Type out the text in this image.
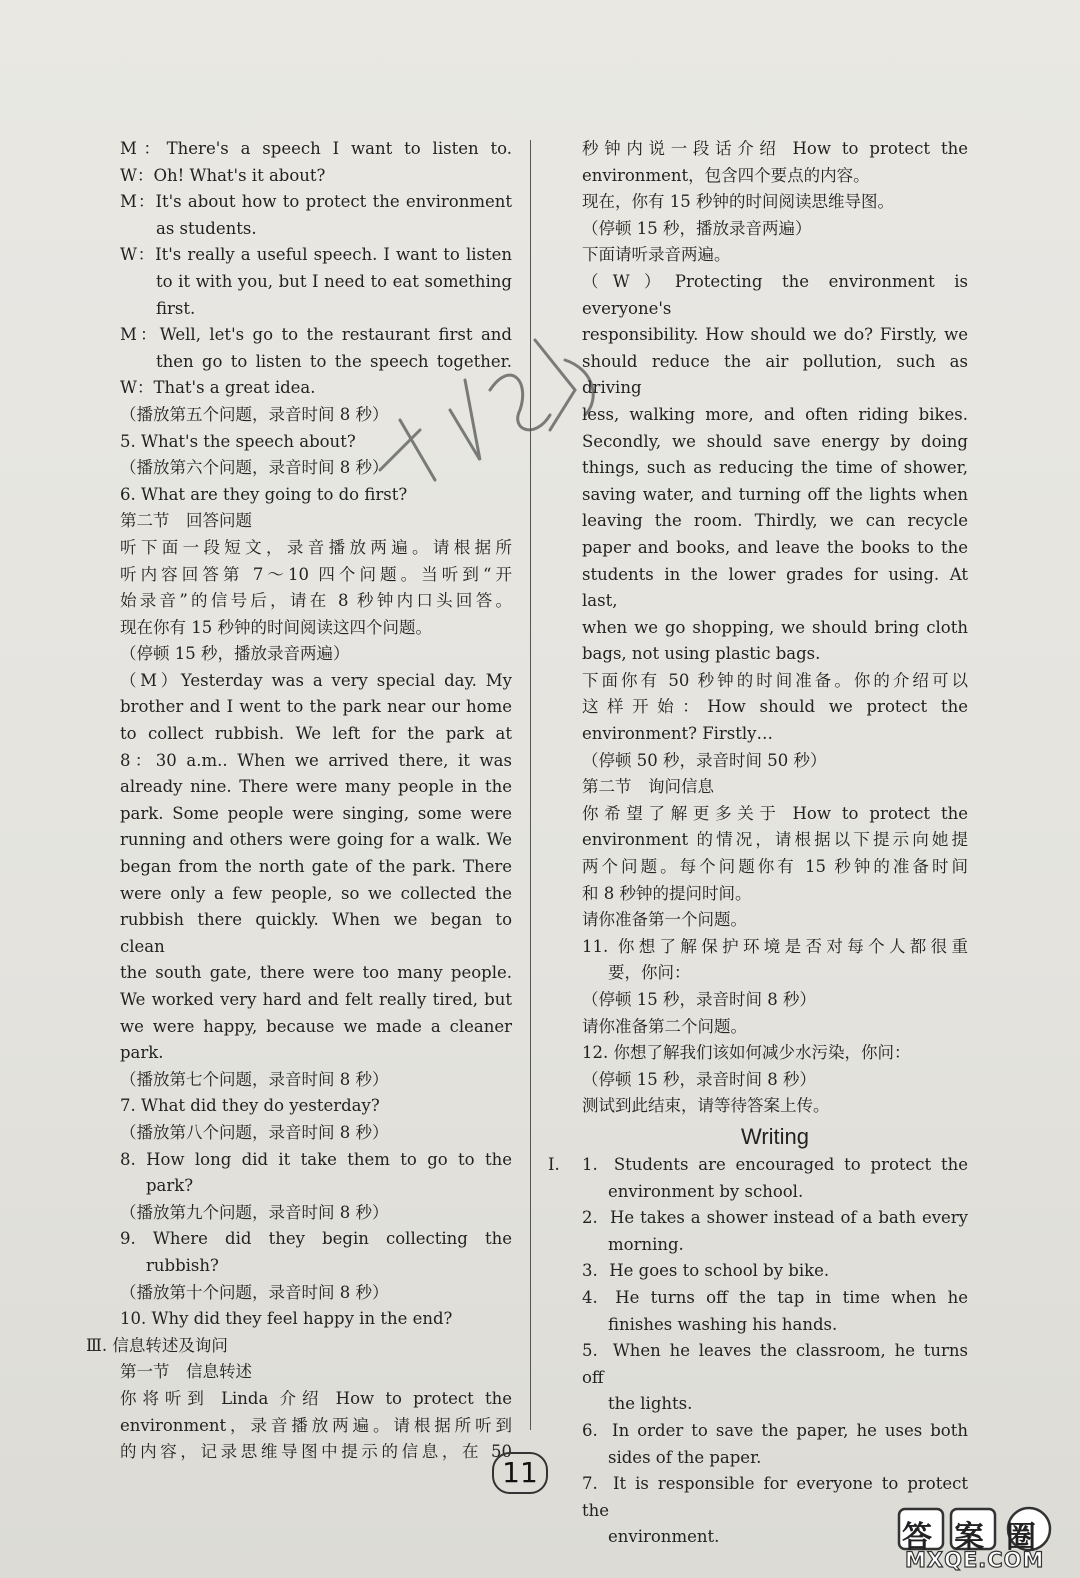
M：There's a speech I want to listen to.
W：Oh! What's it about?
M：It's about how to protect the environment
as students.
W：It's really a useful speech. I want to listen
to it with you, but I need to eat something
first.
M：Well, let's go to the restaurant first and
then go to listen to the speech together.
W：That's a great idea.
（播放第五个问题，录音时间 8 秒）
5. What's the speech about?
（播放第六个问题，录音时间 8 秒）
6. What are they going to do first?
第二节　回答问题
听下面一段短文，录音播放两遍。请根据所
听内容回答第 7～10 四个问题。当听到“开
始录音”的信号后，请在 8 秒钟内口头回答。
现在你有 15 秒钟的时间阅读这四个问题。
（停顿 15 秒，播放录音两遍）
（M）Yesterday was a very special day. My
brother and I went to the park near our home
to collect rubbish. We left for the park at
8：30 a.m.. When we arrived there, it was
already nine. There were many people in the
park. Some people were singing, some were
running and others were going for a walk. We
began from the north gate of the park. There
were only a few people, so we collected the
rubbish there quickly. When we began to clean
the south gate, there were too many people.
We worked very hard and felt really tired, but
we were happy, because we made a cleaner
park.
（播放第七个问题，录音时间 8 秒）
7. What did they do yesterday?
（播放第八个问题，录音时间 8 秒）
8. How long did it take them to go to the
park?
（播放第九个问题，录音时间 8 秒）
9. Where did they begin collecting the
rubbish?
（播放第十个问题，录音时间 8 秒）
10. Why did they feel happy in the end?
Ⅲ. 信息转述及询问
第一节　信息转述
你将听到 Linda 介绍 How to protect the
environment，录音播放两遍。请根据所听到
的内容，记录思维导图中提示的信息，在 50
秒钟内说一段话介绍 How to protect the
environment，包含四个要点的内容。
现在，你有 15 秒钟的时间阅读思维导图。
（停顿 15 秒，播放录音两遍）
下面请听录音两遍。
（W）Protecting the environment is everyone's
responsibility. How should we do? Firstly, we
should reduce the air pollution, such as driving
less, walking more, and often riding bikes.
Secondly, we should save energy by doing
things, such as reducing the time of shower,
saving water, and turning off the lights when
leaving the room. Thirdly, we can recycle
paper and books, and leave the books to the
students in the lower grades for using. At last,
when we go shopping, we should bring cloth
bags, not using plastic bags.
下面你有 50 秒钟的时间准备。你的介绍可以
这样开始：How should we protect the
environment? Firstly…
（停顿 50 秒，录音时间 50 秒）
第二节　询问信息
你希望了解更多关于 How to protect the
environment 的情况，请根据以下提示向她提
两个问题。每个问题你有 15 秒钟的准备时间
和 8 秒钟的提问时间。
请你准备第一个问题。
11. 你想了解保护环境是否对每个人都很重
要，你问：
（停顿 15 秒，录音时间 8 秒）
请你准备第二个问题。
12. 你想了解我们该如何减少水污染，你问：
（停顿 15 秒，录音时间 8 秒）
测试到此结束，请等待答案上传。
Writing
Ⅰ. 1. Students are encouraged to protect the
environment by school.
2. He takes a shower instead of a bath every
morning.
3. He goes to school by bike.
4. He turns off the tap in time when he
finishes washing his hands.
5. When he leaves the classroom, he turns off
the lights.
6. In order to save the paper, he uses both
sides of the paper.
7. It is responsible for everyone to protect the
environment.
11
答案圈
MXQE.COM
